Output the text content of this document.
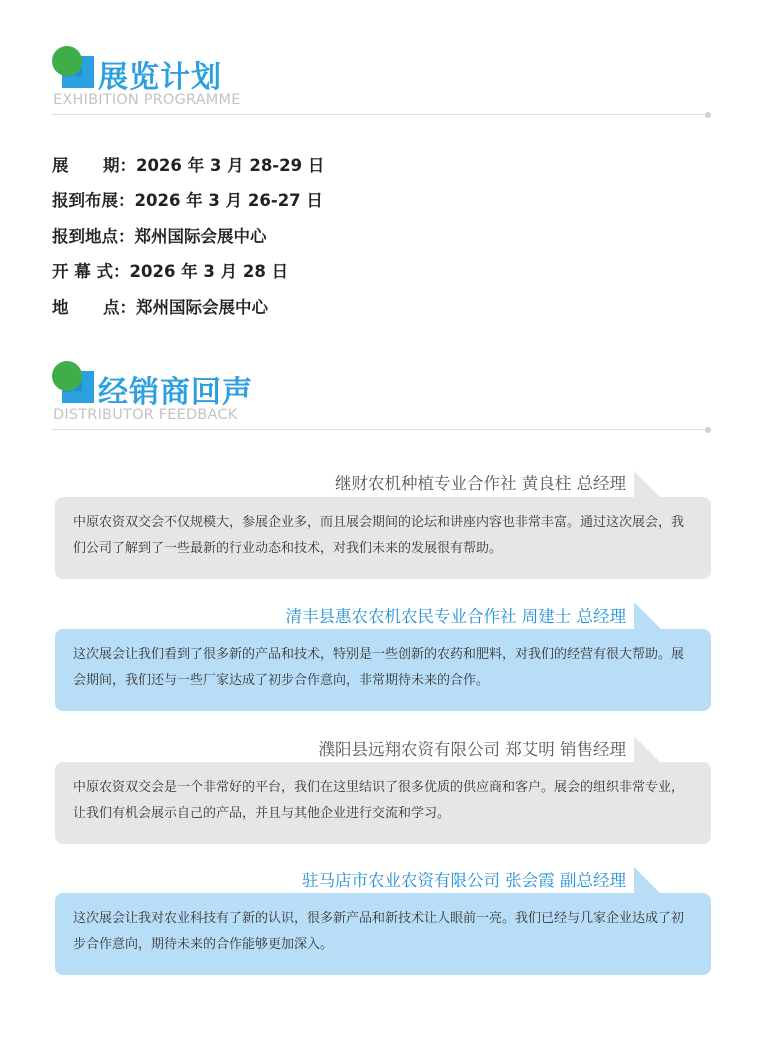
展览计划
EXHIBITION PROGRAMME
展      期： 2026 年 3 月 28-29 日
报到布展： 2026 年 3 月 26-27 日
报到地点： 郑州国际会展中心
开 幕 式： 2026 年 3 月 28 日
地      点： 郑州国际会展中心
经销商回声
DISTRIBUTOR FEEDBACK
继财农机种植专业合作社 黄良柱 总经理
中原农资双交会不仅规模大，参展企业多，而且展会期间的论坛和讲座内容也非常丰富。通过这次展会，我们公司了解到了一些最新的行业动态和技术，对我们未来的发展很有帮助。
清丰县惠农农机农民专业合作社 周建士 总经理
这次展会让我们看到了很多新的产品和技术，特别是一些创新的农药和肥料，对我们的经营有很大帮助。展会期间，我们还与一些厂家达成了初步合作意向，非常期待未来的合作。
濮阳县远翔农资有限公司 郑艾明 销售经理
中原农资双交会是一个非常好的平台，我们在这里结识了很多优质的供应商和客户。展会的组织非常专业，让我们有机会展示自己的产品，并且与其他企业进行交流和学习。
驻马店市农业农资有限公司 张会霞 副总经理
这次展会让我对农业科技有了新的认识，很多新产品和新技术让人眼前一亮。我们已经与几家企业达成了初步合作意向，期待未来的合作能够更加深入。
